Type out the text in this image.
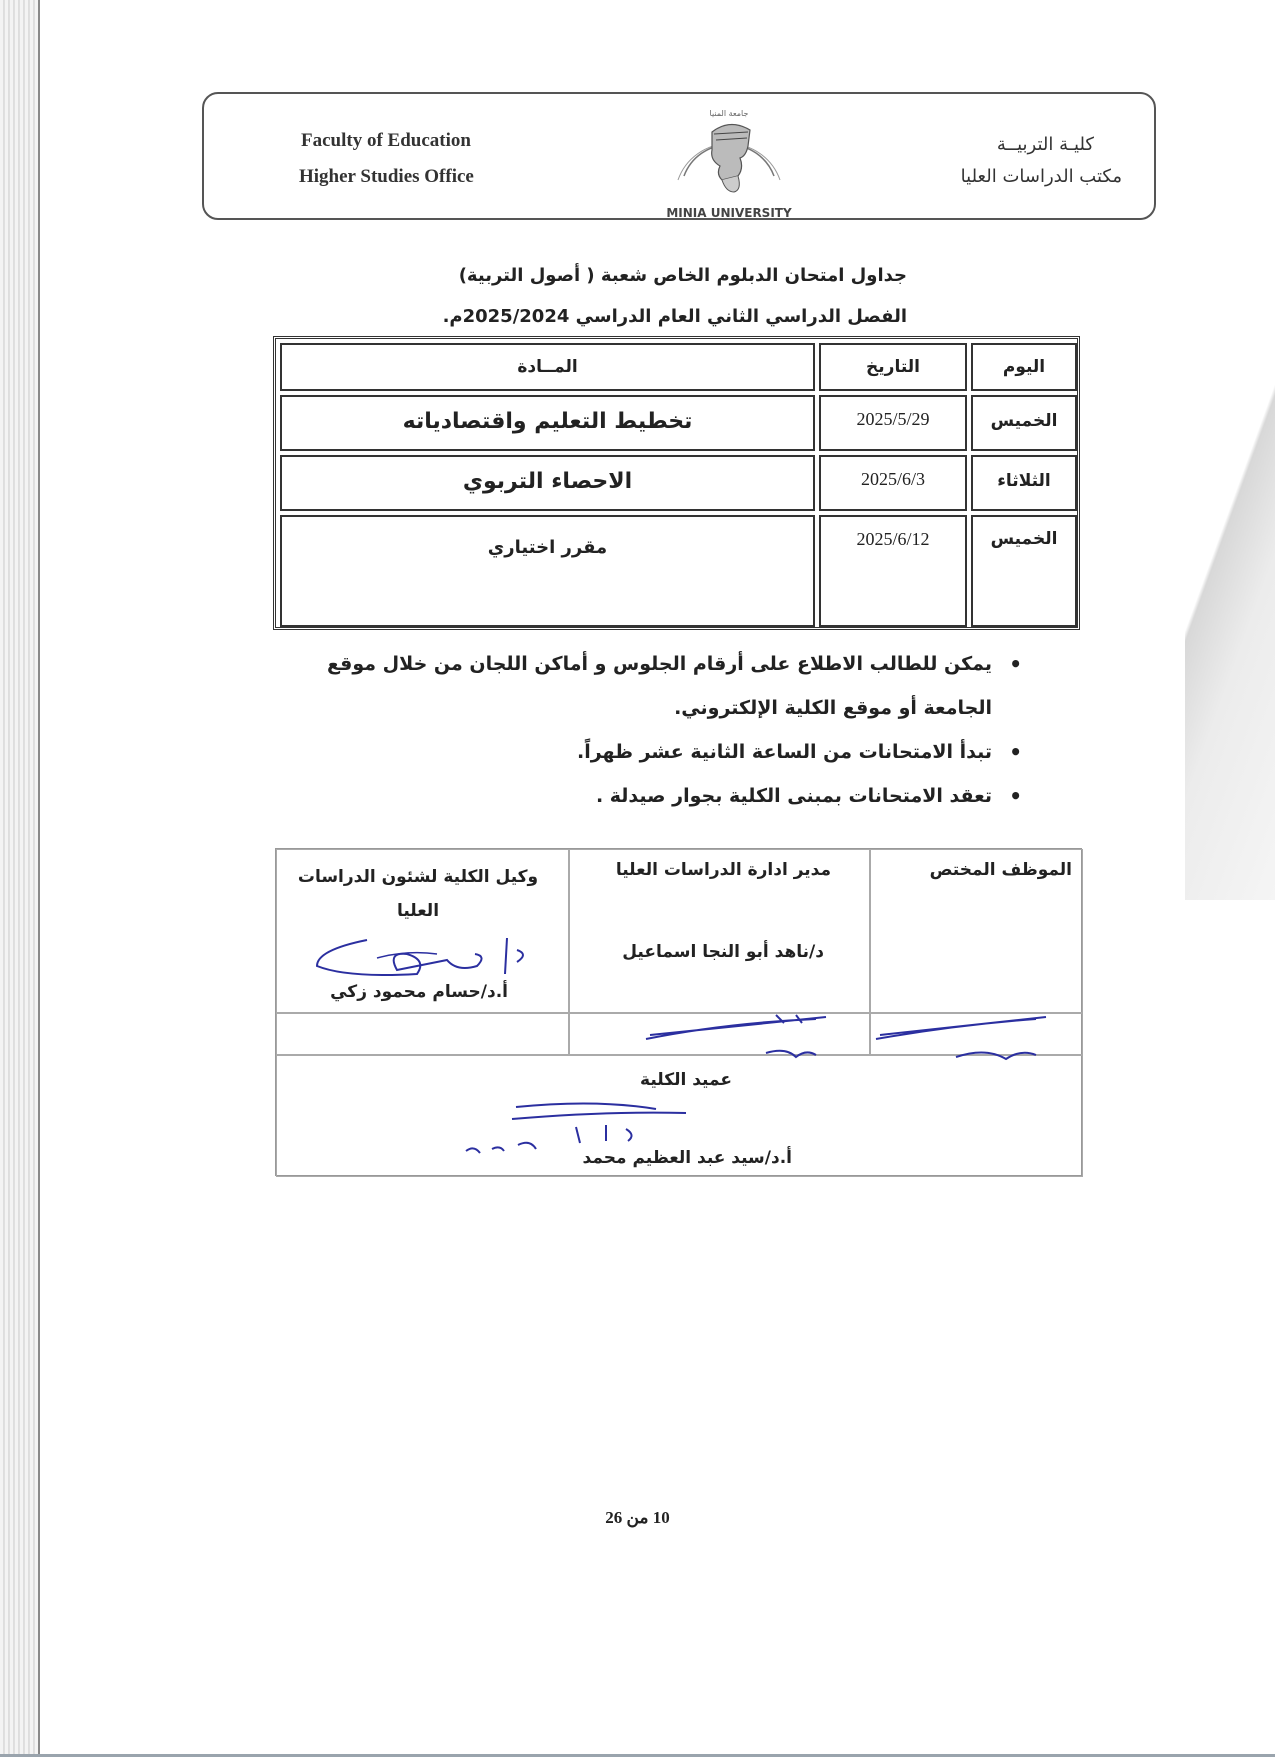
Faculty of Education
Higher Studies Office
كليـة التربيــة
مكتب الدراسات العليا
جامعة المنيا
MINIA UNIVERSITY
جداول امتحان الدبلوم الخاص شعبة ( أصول التربية)
الفصل الدراسي الثاني العام الدراسي 2025/2024م.
اليوم
التاريخ
المــادة
الخميس
2025/5/29
تخطيط التعليم واقتصادياته
الثلاثاء
2025/6/3
الاحصاء التربوي
الخميس
2025/6/12
مقرر اختياري
• يمكن للطالب الاطلاع على أرقام الجلوس و أماكن اللجان من خلال موقع الجامعة أو موقع الكلية الإلكتروني.
• تبدأ الامتحانات من الساعة الثانية عشر ظهراً.
• تعقد الامتحانات بمبنى الكلية بجوار صيدلة .
الموظف المختص
مدير ادارة الدراسات العليا
د/ناهد أبو النجا اسماعيل
وكيل الكلية لشئون الدراسات العليا
أ.د/حسام محمود زكي
عميد الكلية
أ.د/سيد عبد العظيم محمد
10 من 26
